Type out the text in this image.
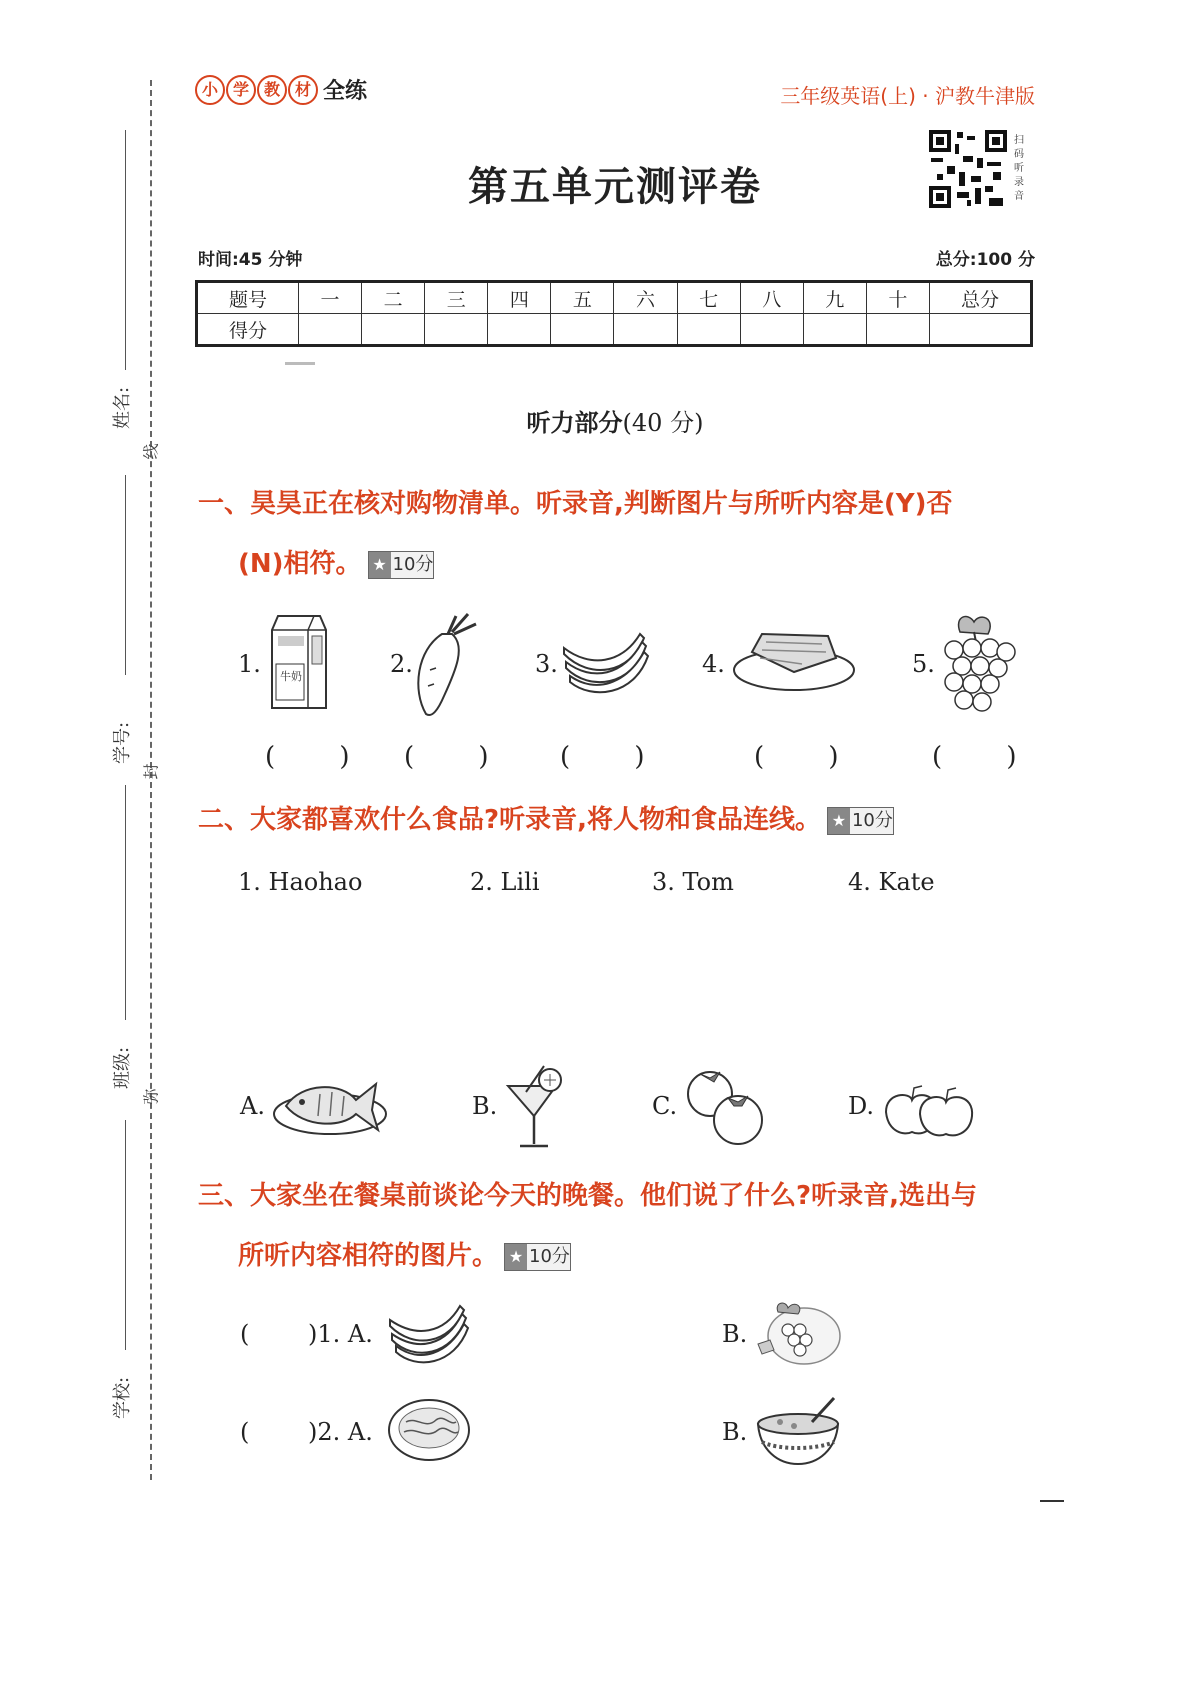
姓名:
学号:
班级:
学校:
线
封
弥
小 学 教 材 全练	三年级英语(上) · 沪教牛津版
第五单元测评卷
扫码听录音
时间:45 分钟	总分:100 分
题号	一	二	三	四	五	六	七	八	九	十	总分
得分											
听力部分(40 分)
一、昊昊正在核对购物清单。听录音,判断图片与所听内容是(Y)否
(N)相符。 ★ 10分
1. 牛奶	2.	3.	4.	5.
( ) ( ) ( )	( )	( )
二、大家都喜欢什么食品?听录音,将人物和食品连线。 ★ 10分
1. Haohao	2. Lili	3. Tom	4. Kate
A.	B.	C.	D.
三、大家坐在餐桌前谈论今天的晚餐。他们说了什么?听录音,选出与
所听内容相符的图片。 ★ 10分
( )1. A.	B.
( )2. A.	B.
